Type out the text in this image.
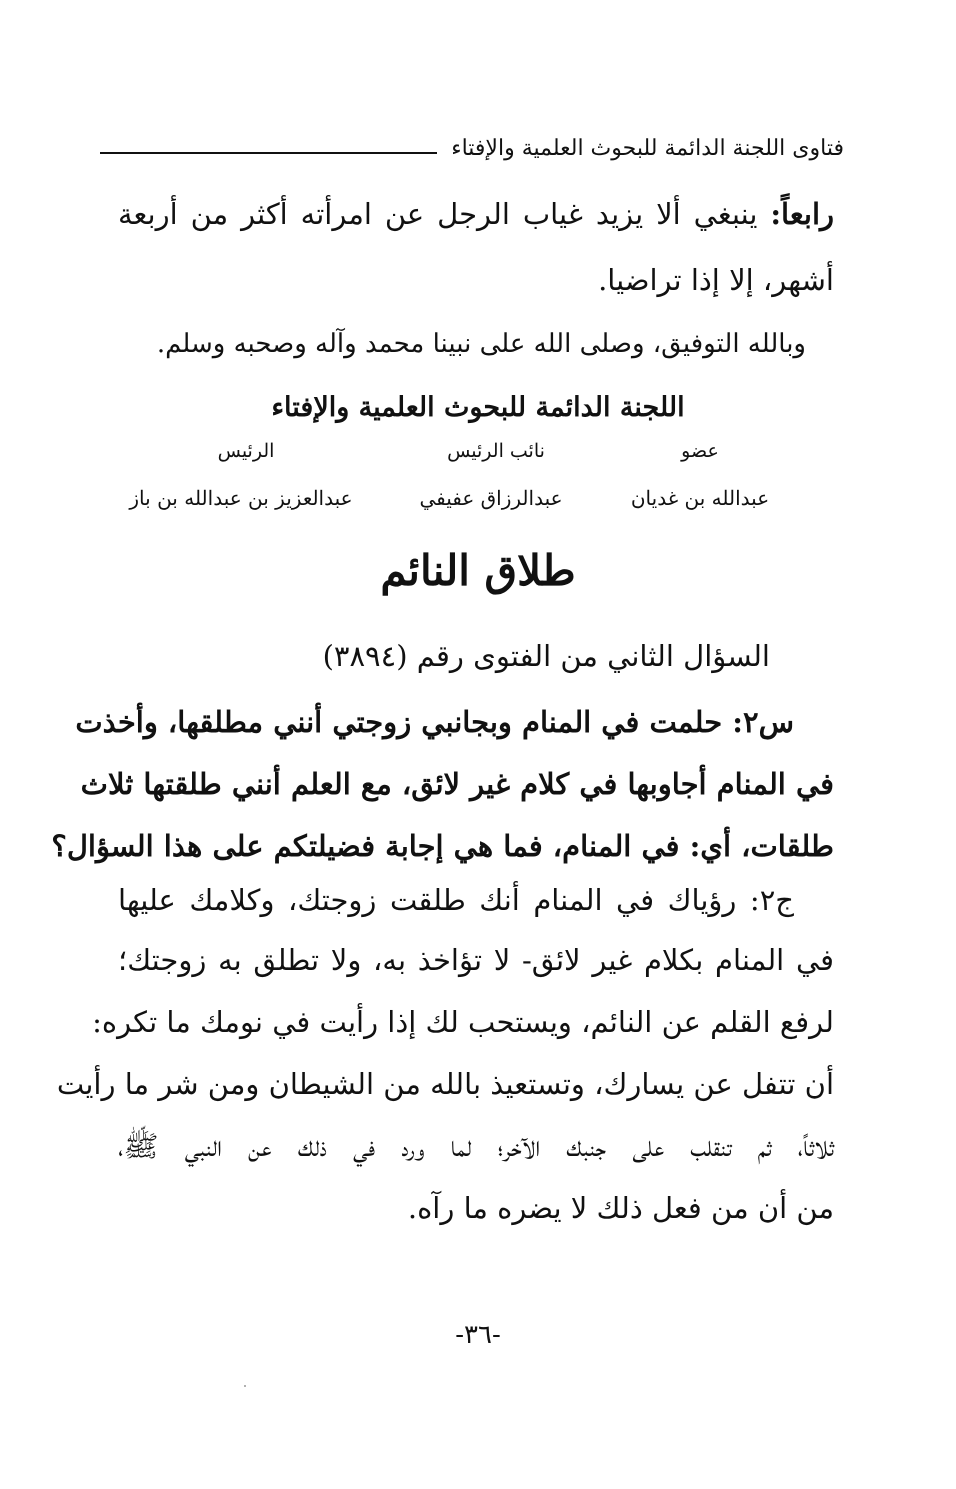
فتاوى اللجنة الدائمة للبحوث العلمية والإفتاء
رابعاً: ينبغي ألا يزيد غياب الرجل عن امرأته أكثر من أربعة
أشهر، إلا إذا تراضيا.
وبالله التوفيق، وصلى الله على نبينا محمد وآله وصحبه وسلم.
اللجنة الدائمة للبحوث العلمية والإفتاء
عضو
نائب الرئيس
الرئيس
عبدالله بن غديان
عبدالرزاق عفيفي
عبدالعزيز بن عبدالله بن باز
طلاق النائم
السؤال الثاني من الفتوى رقم (٣٨٩٤)
س٢: حلمت في المنام وبجانبي زوجتي أنني مطلقها، وأخذت
في المنام أجاوبها في كلام غير لائق، مع العلم أنني طلقتها ثلاث
طلقات، أي: في المنام، فما هي إجابة فضيلتكم على هذا السؤال؟
ج٢: رؤياك في المنام أنك طلقت زوجتك، وكلامك عليها
في المنام بكلام غير لائق- لا تؤاخذ به، ولا تطلق به زوجتك؛
لرفع القلم عن النائم، ويستحب لك إذا رأيت في نومك ما تكره:
أن تتفل عن يسارك، وتستعيذ بالله من الشيطان ومن شر ما رأيت
ثلاثاً، ثم تنقلب على جنبك الآخر؛ لما ورد في ذلك عن النبي ﷺ،
من أن من فعل ذلك لا يضره ما رآه.
-٣٦-
